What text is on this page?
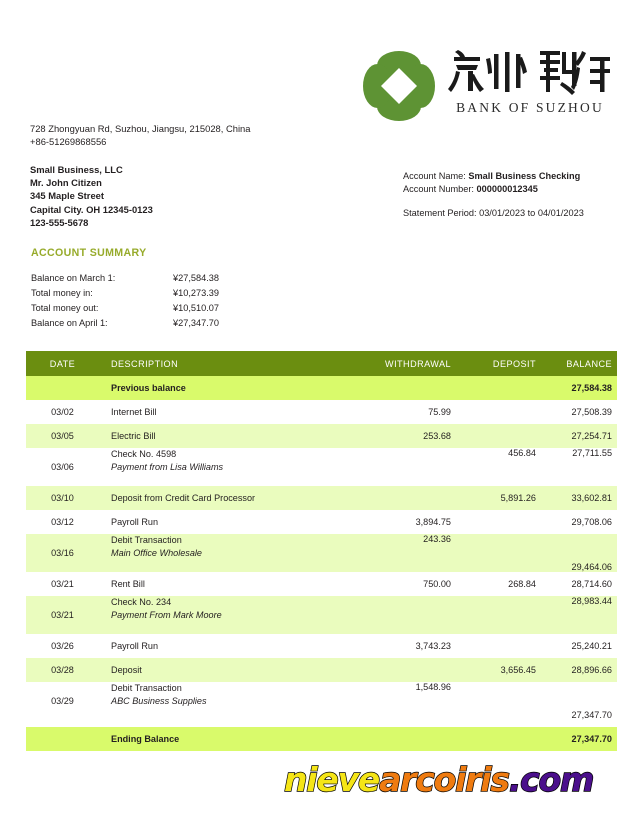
BANK OF SUZHOU
728 Zhongyuan Rd, Suzhou, Jiangsu, 215028, China
+86-51269868556
Small Business, LLC
Mr. John Citizen
345 Maple Street
Capital City. OH 12345-0123
123-555-5678
Account Name: Small Business Checking
Account Number: 000000012345
Statement Period: 03/01/2023 to 04/01/2023
ACCOUNT SUMMARY
Balance on March 1:	¥27,584.38
Total money in:	¥10,273.39
Total money out:	¥10,510.07
Balance on April 1:	¥27,347.70
DATE	DESCRIPTION	WITHDRAWAL	DEPOSIT	BALANCE
	Previous balance			27,584.38
03/02	Internet Bill	75.99		27,508.39
03/05	Electric Bill	253.68		27,254.71
03/06	Check No. 4598
Payment from Lisa Williams		456.84	27,711.55
03/10	Deposit from Credit Card Processor		5,891.26	33,602.81
03/12	Payroll Run	3,894.75		29,708.06
03/16	Debit Transaction
Main Office Wholesale	243.36		29,464.06
03/21	Rent Bill	750.00	268.84	28,714.60
03/21	Check No. 234
Payment From Mark Moore			28,983.44
03/26	Payroll Run	3,743.23		25,240.21
03/28	Deposit		3,656.45	28,896.66
03/29	Debit Transaction
ABC Business Supplies	1,548.96		27,347.70

	Ending Balance			27,347.70
nievearcoiris.com
